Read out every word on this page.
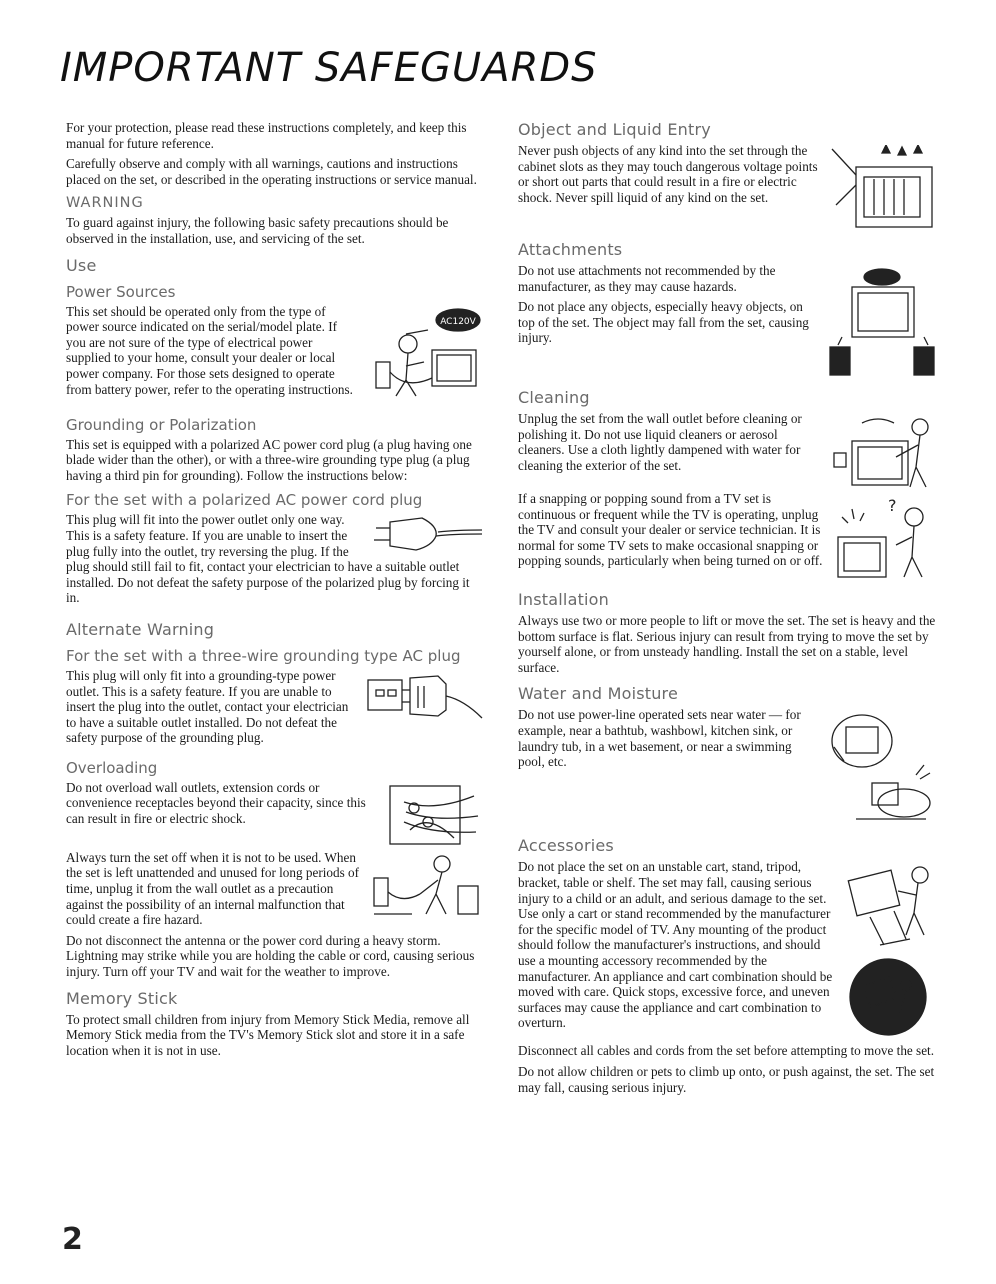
IMPORTANT SAFEGUARDS

For your protection, please read these instructions completely, and keep this manual for future reference.

Carefully observe and comply with all warnings, cautions and instructions placed on the set, or described in the operating instructions or service manual.

WARNING

To guard against injury, the following basic safety precautions should be observed in the installation, use, and servicing of the set.

Use
Power Sources
AC120V

This set should be operated only from the type of power source indicated on the serial/model plate. If you are not sure of the type of electrical power supplied to your home, consult your dealer or local power company. For those sets designed to operate from battery power, refer to the operating instructions.

Grounding or Polarization

This set is equipped with a polarized AC power cord plug (a plug having one blade wider than the other), or with a three-wire grounding type plug (a plug having a third pin for grounding). Follow the instructions below:

For the set with a polarized AC power cord plug

This plug will fit into the power outlet only one way. This is a safety feature. If you are unable to insert the plug fully into the outlet, try reversing the plug. If the plug should still fail to fit, contact your electrician to have a suitable outlet installed. Do not defeat the safety purpose of the polarized plug by forcing it in.

Alternate Warning
For the set with a three-wire grounding type AC plug

This plug will only fit into a grounding-type power outlet. This is a safety feature. If you are unable to insert the plug into the outlet, contact your electrician to have a suitable outlet installed. Do not defeat the safety purpose of the grounding plug.

Overloading

Do not overload wall outlets, extension cords or convenience receptacles beyond their capacity, since this can result in fire or electric shock.

Always turn the set off when it is not to be used. When the set is left unattended and unused for long periods of time, unplug it from the wall outlet as a precaution against the possibility of an internal malfunction that could create a fire hazard.

Do not disconnect the antenna or the power cord during a heavy storm. Lightning may strike while you are holding the cable or cord, causing serious injury. Turn off your TV and wait for the weather to improve.

Memory Stick

To protect small children from injury from Memory Stick Media, remove all Memory Stick media from the TV's Memory Stick slot and store it in a safe location when it is not in use.

Object and Liquid Entry

Never push objects of any kind into the set through the cabinet slots as they may touch dangerous voltage points or short out parts that could result in a fire or electric shock. Never spill liquid of any kind on the set.

Attachments

Do not use attachments not recommended by the manufacturer, as they may cause hazards.

Do not place any objects, especially heavy objects, on top of the set. The object may fall from the set, causing injury.

Cleaning

Unplug the set from the wall outlet before cleaning or polishing it. Do not use liquid cleaners or aerosol cleaners. Use a cloth lightly dampened with water for cleaning the exterior of the set.

?

If a snapping or popping sound from a TV set is continuous or frequent while the TV is operating, unplug the TV and consult your dealer or service technician. It is normal for some TV sets to make occasional snapping or popping sounds, particularly when being turned on or off.

Installation

Always use two or more people to lift or move the set. The set is heavy and the bottom surface is flat. Serious injury can result from trying to move the set by yourself alone, or from unsteady handling. Install the set on a stable, level surface.

Water and Moisture

Do not use power-line operated sets near water — for example, near a bathtub, washbowl, kitchen sink, or laundry tub, in a wet basement, or near a swimming pool, etc.

Accessories

Do not place the set on an unstable cart, stand, tripod, bracket, table or shelf. The set may fall, causing serious injury to a child or an adult, and serious damage to the set. Use only a cart or stand recommended by the manufacturer for the specific model of TV. Any mounting of the product should follow the manufacturer's instructions, and should use a mounting accessory recommended by the manufacturer. An appliance and cart combination should be moved with care. Quick stops, excessive force, and uneven surfaces may cause the appliance and cart combination to overturn.

Disconnect all cables and cords from the set before attempting to move the set.

Do not allow children or pets to climb up onto, or push against, the set. The set may fall, causing serious injury.

2
